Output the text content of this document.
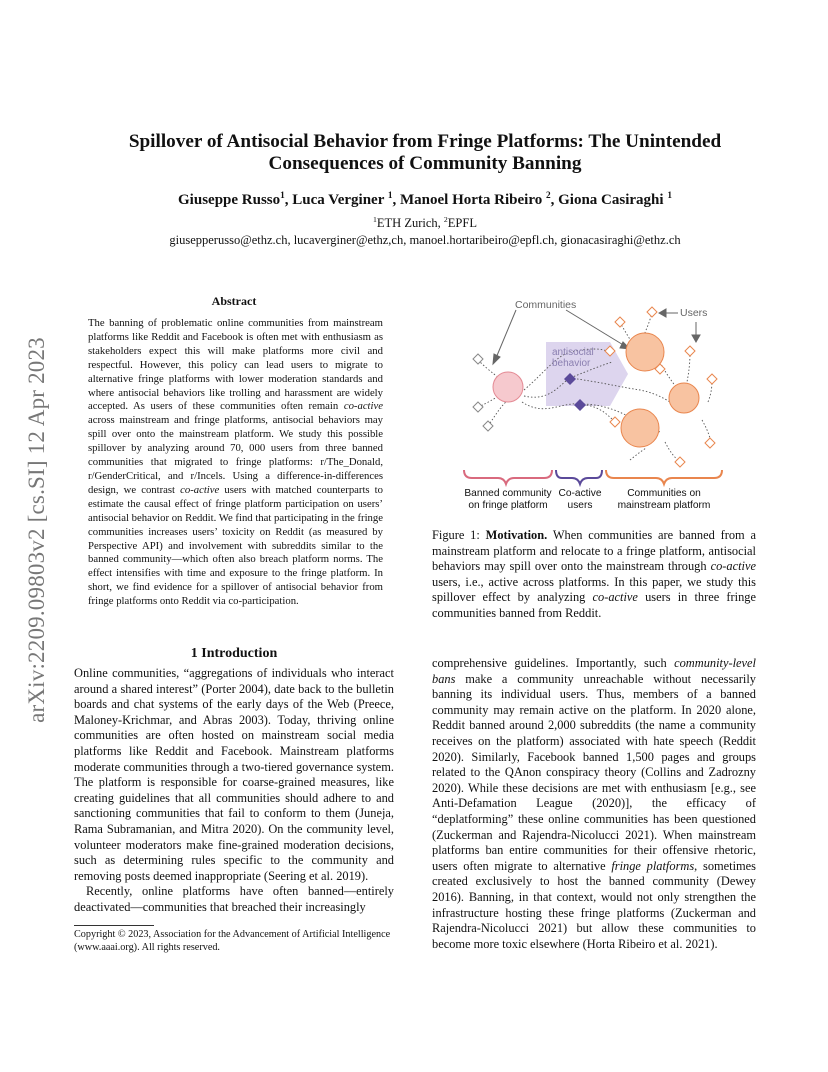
arXiv:2209.09803v2 [cs.SI] 12 Apr 2023
Spillover of Antisocial Behavior from Fringe Platforms: The Unintended
Consequences of Community Banning
Giuseppe Russo$^1$, Luca Verginer $^1$, Manoel Horta Ribeiro $^2$, Giona Casiraghi $^1$
$^1$ETH Zurich, $^2$EPFL
giusepperusso@ethz.ch, lucaverginer@ethz,ch, manoel.hortaribeiro@epfl.ch, gionacasiraghi@ethz.ch
Abstract
The banning of problematic online communities from mainstream platforms like Reddit and Facebook is often met with enthusiasm as stakeholders expect this will make platforms more civil and respectful. However, this policy can lead users to migrate to alternative fringe platforms with lower moderation standards and where antisocial behaviors like trolling and harassment are widely accepted. As users of these communities often remain co-active across mainstream and fringe platforms, antisocial behaviors may spill over onto the mainstream platform. We study this possible spillover by analyzing around 70, 000 users from three banned communities that migrated to fringe platforms: r/The_Donald, r/GenderCritical, and r/Incels. Using a difference-in-differences design, we contrast co-active users with matched counterparts to estimate the causal effect of fringe platform participation on users’ antisocial behavior on Reddit. We find that participating in the fringe communities increases users’ toxicity on Reddit (as measured by Perspective API) and involvement with subreddits similar to the banned community—which often also breach platform norms. The effect intensifies with time and exposure to the fringe platform. In short, we find evidence for a spillover of antisocial behavior from fringe platforms onto Reddit via co-participation.
Communities
Users
antisocial
behavior
Banned community
on fringe platform
Co-active
users
Communities on
mainstream platform
Figure 1: Motivation. When communities are banned from a mainstream platform and relocate to a fringe platform, antisocial behaviors may spill over onto the mainstream through co-active users, i.e., active across platforms. In this paper, we study this spillover effect by analyzing co-active users in three fringe communities banned from Reddit.
1 Introduction

Online communities, “aggregations of individuals who interact around a shared interest” (Porter 2004), date back to the bulletin boards and chat systems of the early days of the Web (Preece, Maloney-Krichmar, and Abras 2003). Today, thriving online communities are often hosted on mainstream social media platforms like Reddit and Facebook. Mainstream platforms moderate communities through a two-tiered governance system. The platform is responsible for coarse-grained measures, like creating guidelines that all communities should adhere to and sanctioning communities that fail to conform to them (Juneja, Rama Subramanian, and Mitra 2020). On the community level, volunteer moderators make fine-grained moderation decisions, such as determining rules specific to the community and removing posts deemed inappropriate (Seering et al. 2019).

Recently, online platforms have often banned—entirely deactivated—communities that breached their increasingly

Copyright © 2023, Association for the Advancement of Artificial Intelligence (www.aaai.org). All rights reserved.

comprehensive guidelines. Importantly, such community-level bans make a community unreachable without necessarily banning its individual users. Thus, members of a banned community may remain active on the platform. In 2020 alone, Reddit banned around 2,000 subreddits (the name a community receives on the platform) associated with hate speech (Reddit 2020). Similarly, Facebook banned 1,500 pages and groups related to the QAnon conspiracy theory (Collins and Zadrozny 2020). While these decisions are met with enthusiasm [e.g., see Anti-Defamation League (2020)], the efficacy of “deplatforming” these online communities has been questioned (Zuckerman and Rajendra-Nicolucci 2021). When mainstream platforms ban entire communities for their offensive rhetoric, users often migrate to alternative fringe platforms, sometimes created exclusively to host the banned community (Dewey 2016). Banning, in that context, would not only strengthen the infrastructure hosting these fringe platforms (Zuckerman and Rajendra-Nicolucci 2021) but allow these communities to become more toxic elsewhere (Horta Ribeiro et al. 2021).
